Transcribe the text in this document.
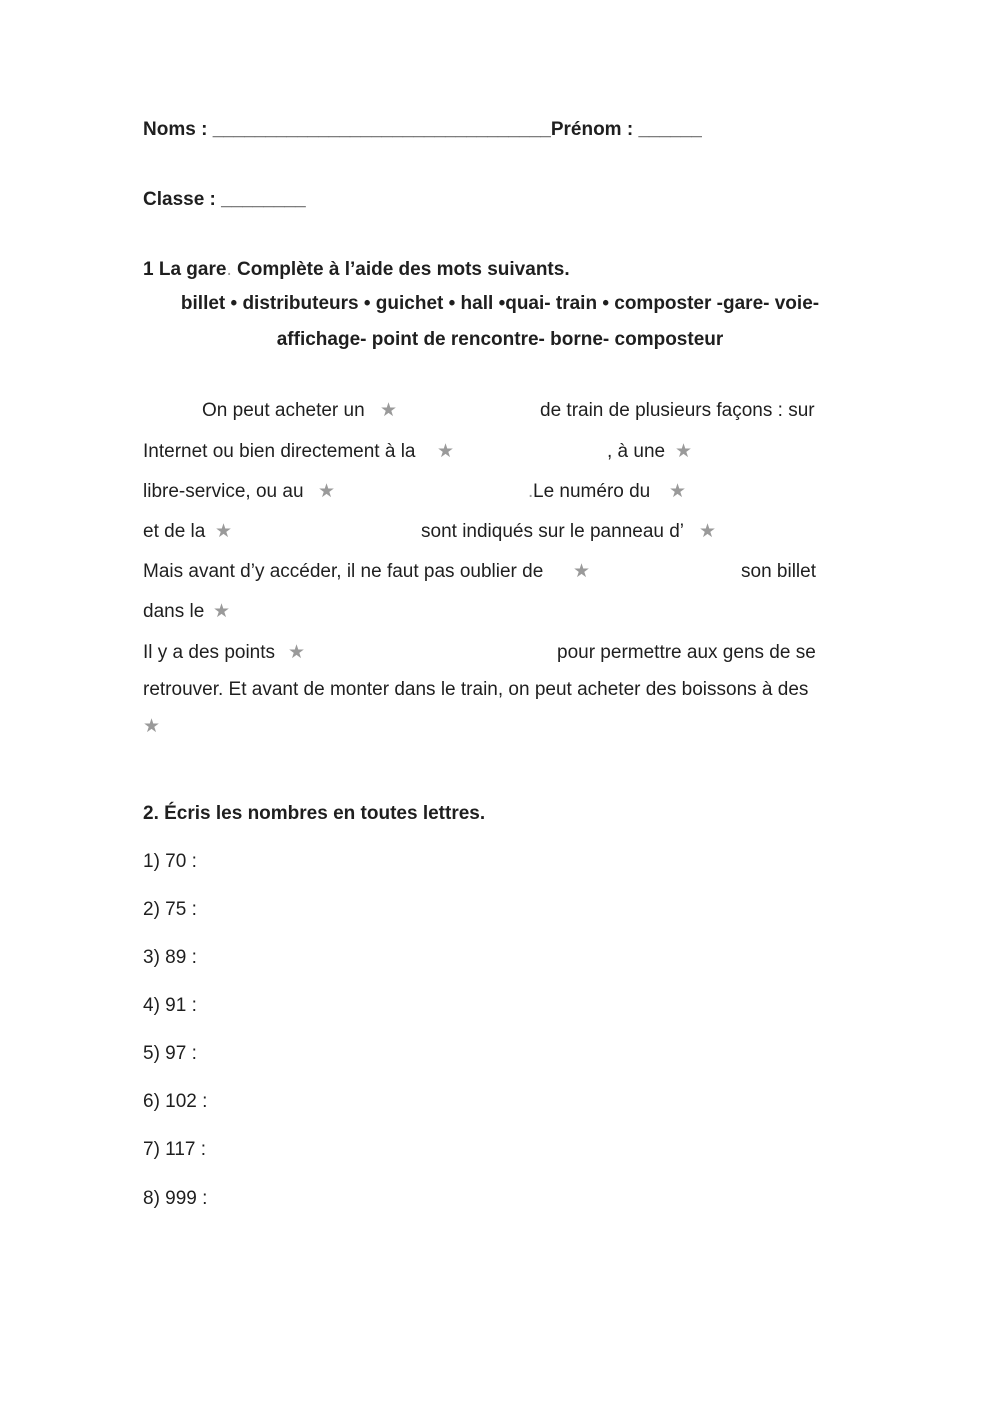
Noms : ________________________________Prénom : ______
Classe : ________
1 La gare. Complète à l’aide des mots suivants.
billet • distributeurs • guichet • hall •quai- train • composter -gare- voie-
affichage- point de rencontre- borne- composteur
On peut acheter un ★	de train de plusieurs façons : sur
Internet ou bien directement à la ★	, à une ★
libre-service, ou au ★	. Le numéro du ★
et de la ★	sont indiqués sur le panneau d’ ★
Mais avant d’y accéder, il ne faut pas oublier de ★	son billet
dans le ★
Il y a des points ★	pour permettre aux gens de se
retrouver. Et avant de monter dans le train, on peut acheter des boissons à des
★
2. Écris les nombres en toutes lettres.
1) 70 :
2) 75 :
3) 89 :
4) 91 :
5) 97 :
6) 102 :
7) 117 :
8) 999 :
